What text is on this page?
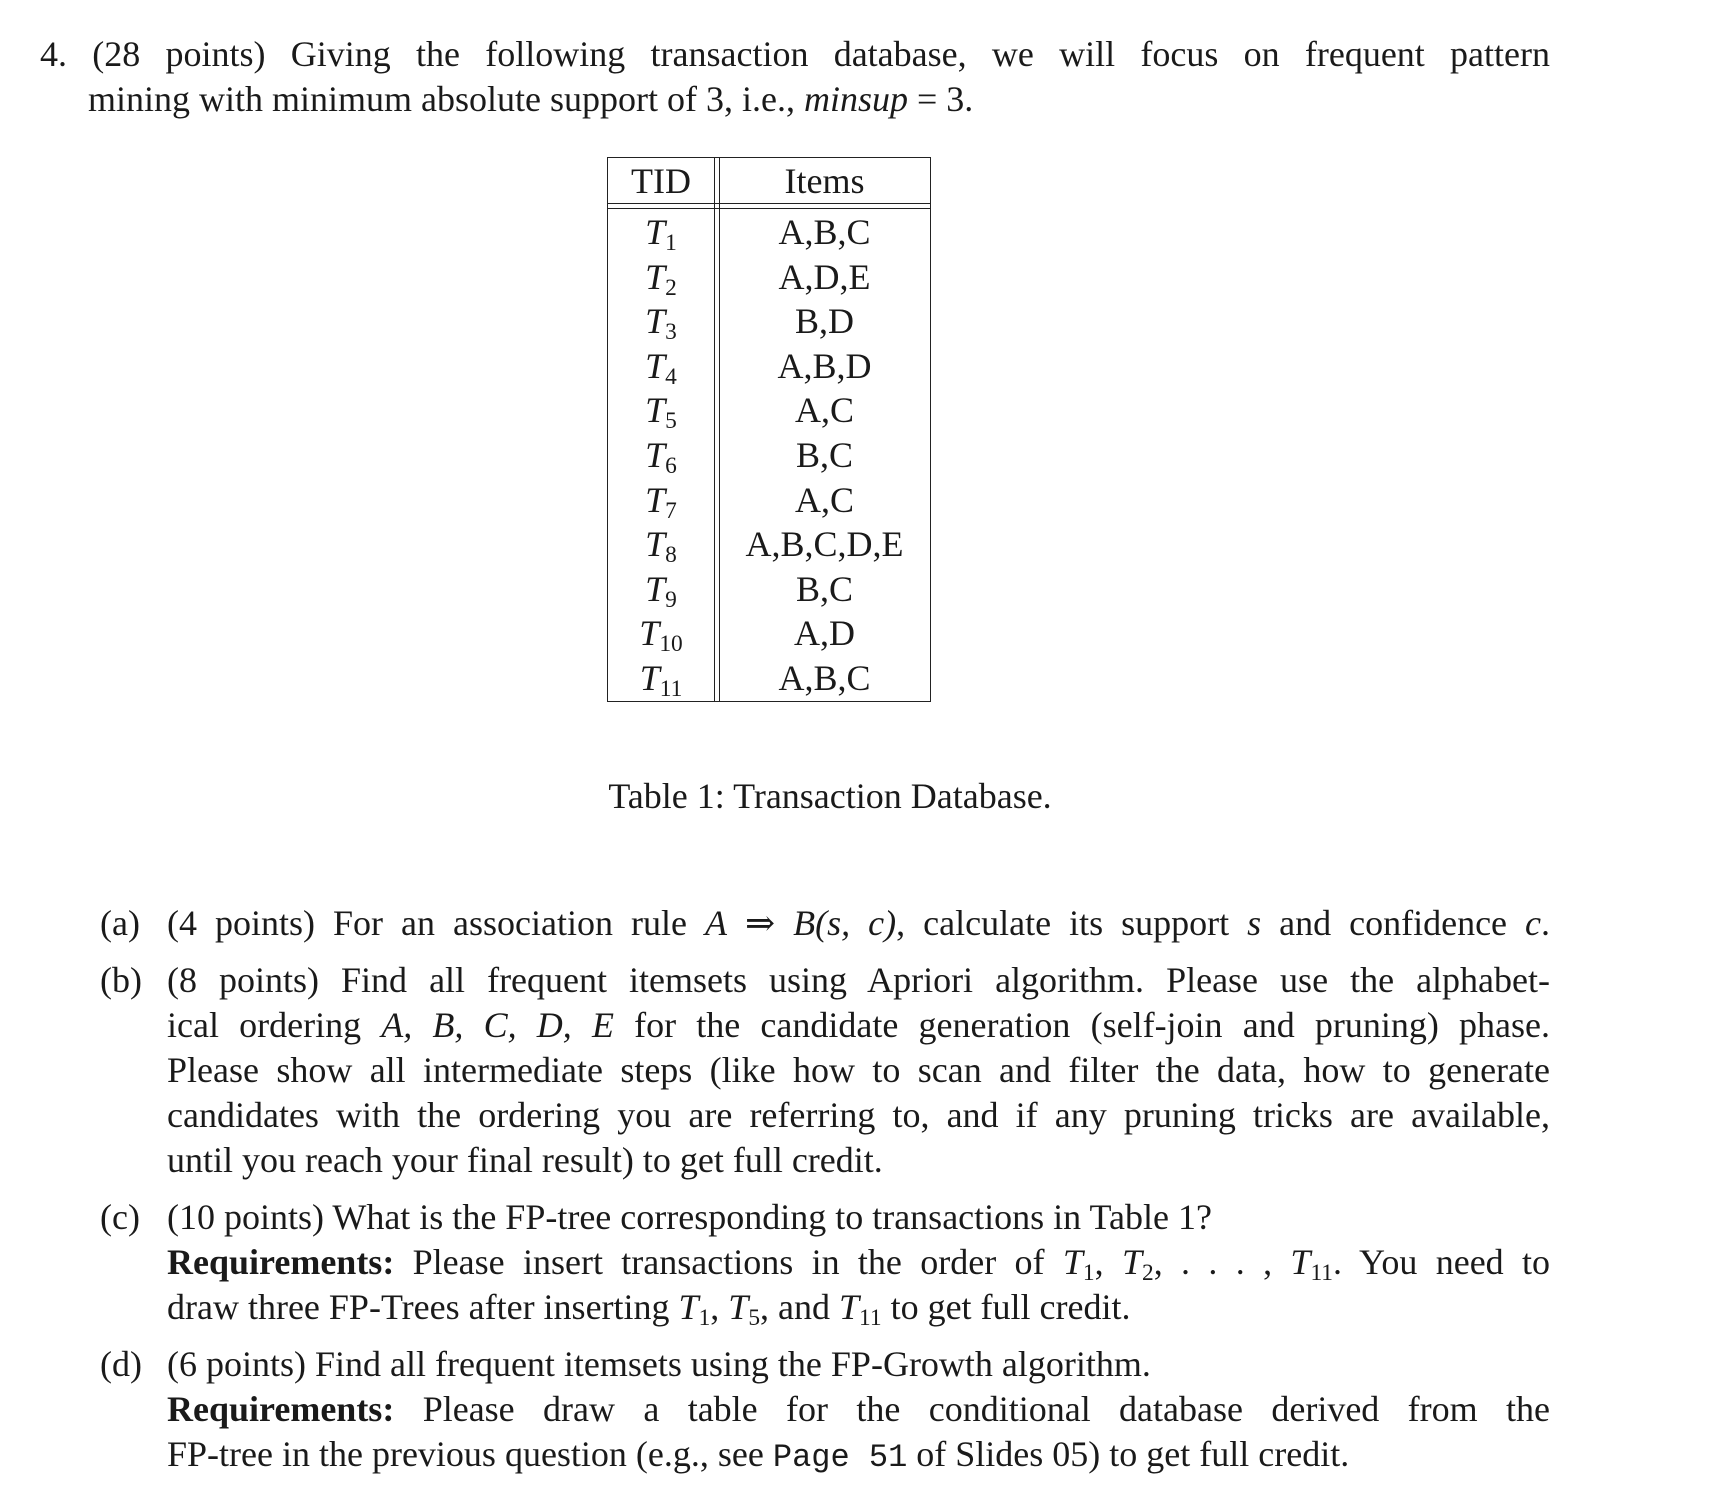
4. (28 points) Giving the following transaction database, we will focus on frequent pattern
mining with minimum absolute support of 3, i.e., minsup = 3.
TID	Items
$T_1$	A,B,C
$T_2$	A,D,E
$T_3$	B,D
$T_4$	A,B,D
$T_5$	A,C
$T_6$	B,C
$T_7$	A,C
$T_8$	A,B,C,D,E
$T_9$	B,C
$T_{10}$	A,D
$T_{11}$	A,B,C
Table 1: Transaction Database.
(a) (4 points) For an association rule A ⇒ B(s, c), calculate its support s and confidence c.
(b) (8 points) Find all frequent itemsets using Apriori algorithm. Please use the alphabet-
ical ordering A, B, C, D, E for the candidate generation (self-join and pruning) phase.
Please show all intermediate steps (like how to scan and filter the data, how to generate
candidates with the ordering you are referring to, and if any pruning tricks are available,
until you reach your final result) to get full credit.
(c) (10 points) What is the FP-tree corresponding to transactions in Table 1?
Requirements: Please insert transactions in the order of $T_1$, $T_2$, . . . , $T_{11}$. You need to
draw three FP-Trees after inserting $T_1$, $T_5$, and $T_{11}$ to get full credit.
(d) (6 points) Find all frequent itemsets using the FP-Growth algorithm.
Requirements: Please draw a table for the conditional database derived from the
FP-tree in the previous question (e.g., see Page 51 of Slides 05) to get full credit.
